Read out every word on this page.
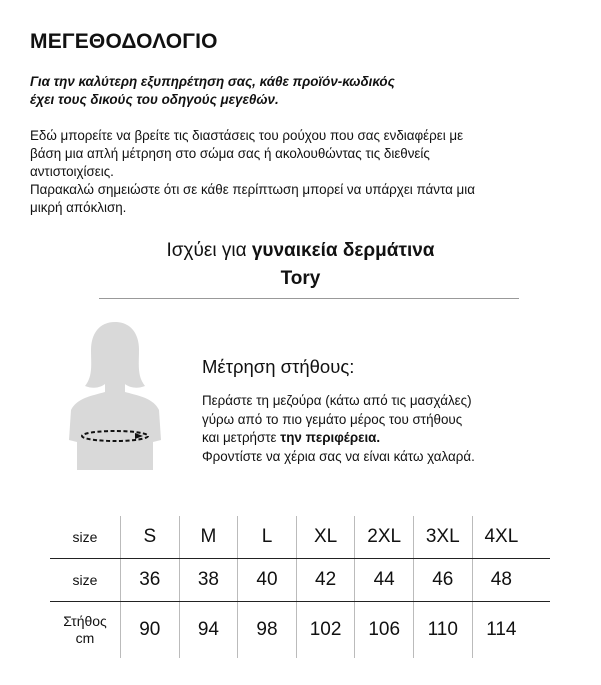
ΜΕΓΕΘΟΔΟΛΟΓΙΟ
Για την καλύτερη εξυπηρέτηση σας, κάθε προϊόν-κωδικός
έχει τους δικούς του οδηγούς μεγεθών.
Εδώ μπορείτε να βρείτε τις διαστάσεις του ρούχου που σας ενδιαφέρει με
βάση μια απλή μέτρηση στο σώμα σας ή ακολουθώντας τις διεθνείς
αντιστοιχίσεις.
Παρακαλώ σημειώστε ότι σε κάθε περίπτωση μπορεί να υπάρχει πάντα μια
μικρή απόκλιση.
Ισχύει για γυναικεία δερμάτινα
Tory
Μέτρηση στήθους:
Περάστε τη μεζούρα (κάτω από τις μασχάλες)
γύρω από το πιο γεμάτο μέρος του στήθους
και μετρήστε την περιφέρεια.
Φροντίστε να χέρια σας να είναι κάτω χαλαρά.
size	S	M	L	XL	2XL	3XL	4XL
size	36	38	40	42	44	46	48
Στήθος
cm	90	94	98	102	106	110	114
